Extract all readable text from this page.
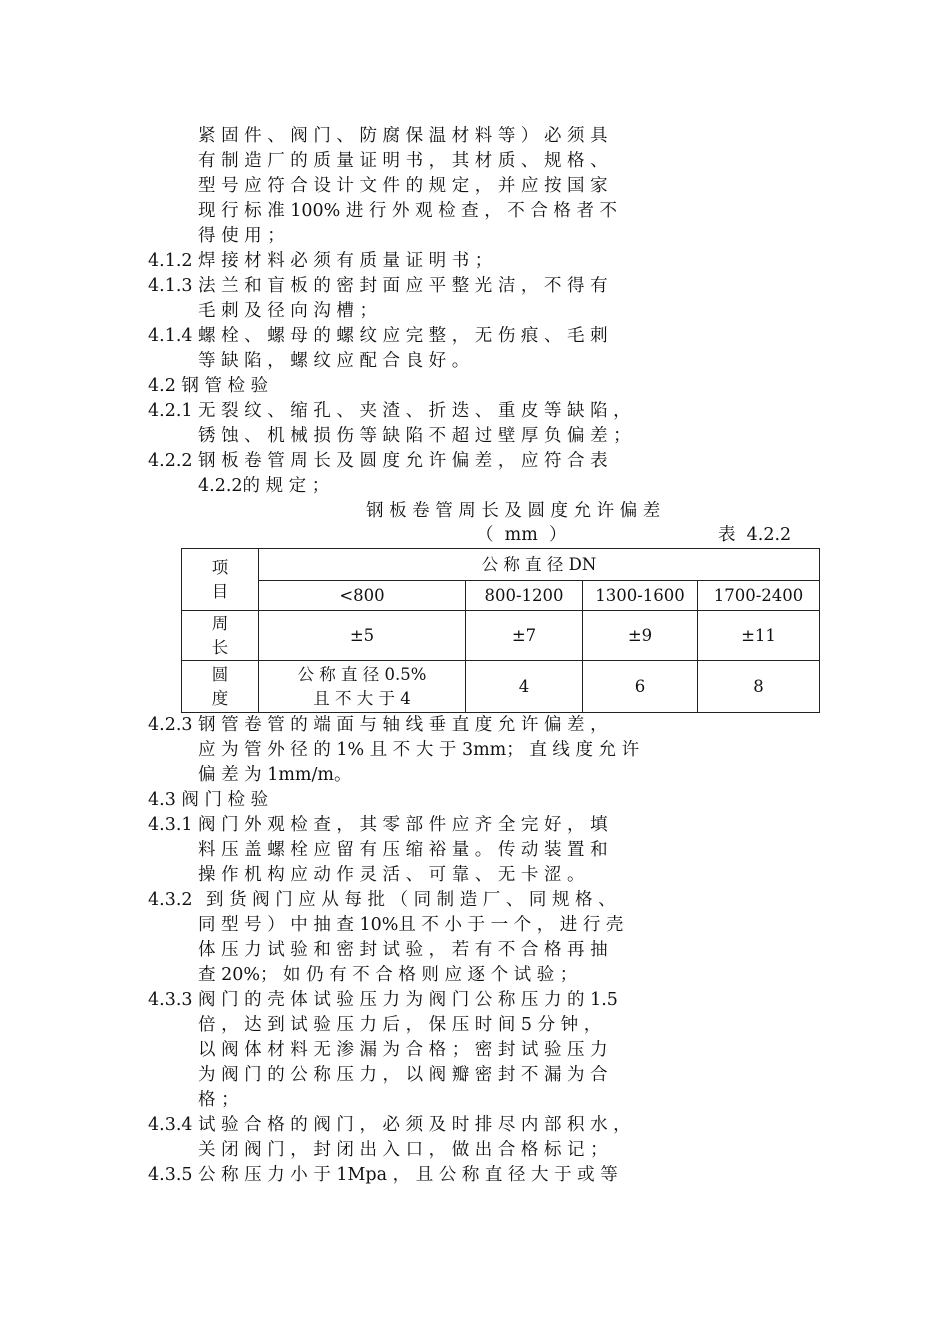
紧 固 件 、 阀 门 、 防 腐 保 温 材 料 等 ） 必 须 具
有 制 造 厂 的 质 量 证 明 书 ， 其 材 质 、 规 格 、
型 号 应 符 合 设 计 文 件 的 规 定 ， 并 应 按 国 家
现 行 标 准 100% 进 行 外 观 检 查 ， 不 合 格 者 不
得 使 用 ；
4.1.2 焊 接 材 料 必 须 有 质 量 证 明 书 ；
4.1.3 法 兰 和 盲 板 的 密 封 面 应 平 整 光 洁 ， 不 得 有
毛 刺 及 径 向 沟 槽 ；
4.1.4 螺 栓 、 螺 母 的 螺 纹 应 完 整 ， 无 伤 痕 、 毛 刺
等 缺 陷 ， 螺 纹 应 配 合 良 好 。
4.2 钢 管 检 验
4.2.1 无 裂 纹 、 缩 孔 、 夹 渣 、 折 迭 、 重 皮 等 缺 陷 ，
锈 蚀 、 机 械 损 伤 等 缺 陷 不 超 过 壁 厚 负 偏 差 ；
4.2.2 钢 板 卷 管 周 长 及 圆 度 允 许 偏 差 ， 应 符 合 表
4.2.2的 规 定 ；
钢 板 卷 管 周 长 及 圆 度 允 许 偏 差
（  mm  ）	表  4.2.2
项
目	公 称 直 径 DN			
	<800	800-1200	1300-1600	1700-2400
周
长	±5	±7	±9	±11
圆
度	公 称 直 径 0.5%
且 不 大 于 4	4	6	8
4.2.3 钢 管 卷 管 的 端 面 与 轴 线 垂 直 度 允 许 偏 差 ，
应 为 管 外 径 的 1% 且 不 大 于 3mm； 直 线 度 允 许
偏 差 为 1mm/m。
4.3 阀 门 检 验
4.3.1 阀 门 外 观 检 查 ， 其 零 部 件 应 齐 全 完 好 ， 填
料 压 盖 螺 栓 应 留 有 压 缩 裕 量 。 传 动 装 置 和
操 作 机 构 应 动 作 灵 活 、 可 靠 、 无 卡 涩 。
4.3.2 到 货 阀 门 应 从 每 批 （ 同 制 造 厂 、 同 规 格 、
同 型 号 ） 中 抽 查 10%且 不 小 于 一 个 ， 进 行 壳
体 压 力 试 验 和 密 封 试 验 ， 若 有 不 合 格 再 抽
查 20%； 如 仍 有 不 合 格 则 应 逐 个 试 验 ；
4.3.3 阀 门 的 壳 体 试 验 压 力 为 阀 门 公 称 压 力 的 1.5
倍 ， 达 到 试 验 压 力 后 ， 保 压 时 间 5 分 钟 ，
以 阀 体 材 料 无 渗 漏 为 合 格 ； 密 封 试 验 压 力
为 阀 门 的 公 称 压 力 ， 以 阀 瓣 密 封 不 漏 为 合
格 ；
4.3.4 试 验 合 格 的 阀 门 ， 必 须 及 时 排 尽 内 部 积 水 ，
关 闭 阀 门 ， 封 闭 出 入 口 ， 做 出 合 格 标 记 ；
4.3.5 公 称 压 力 小 于 1Mpa ， 且 公 称 直 径 大 于 或 等
